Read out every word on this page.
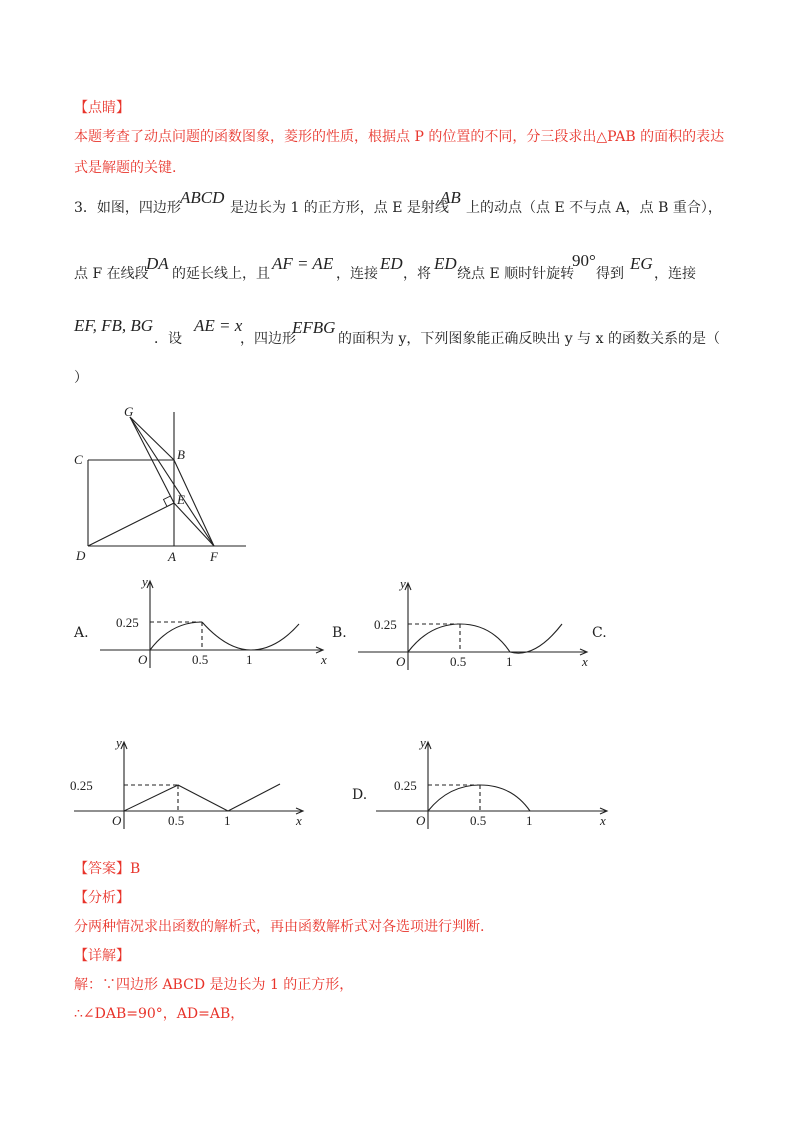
【点睛】
本题考查了动点问题的函数图象，菱形的性质，根据点 P 的位置的不同，分三段求出△PAB 的面积的表达
式是解题的关键.
3．如图，四边形
ABCD
是边长为 1 的正方形，点 E 是射线
AB
上的动点（点 E 不与点 A，点 B 重合），
点 F 在线段
DA
的延长线上，且
AF = AE
，连接
ED
，将
ED
绕点 E 顺时针旋转
90°
得到
EG
，连接
EF, FB, BG
．设
AE = x
，四边形
EFBG
的面积为 y，下列图象能正确反映出 y 与 x 的函数关系的是（
）
G
C	B
E
D	A	F
A.	B.	C.
D.
y
x
O
0.25
0.5	1
y
x
O
0.25
0.5	1
y
x
O
0.25
0.5	1
y
x
O
0.25
0.5	1
【答案】B
【分析】
分两种情况求出函数的解析式，再由函数解析式对各选项进行判断.
【详解】
解：∵四边形 ABCD 是边长为 1 的正方形，
∴∠DAB=90°，AD=AB，
